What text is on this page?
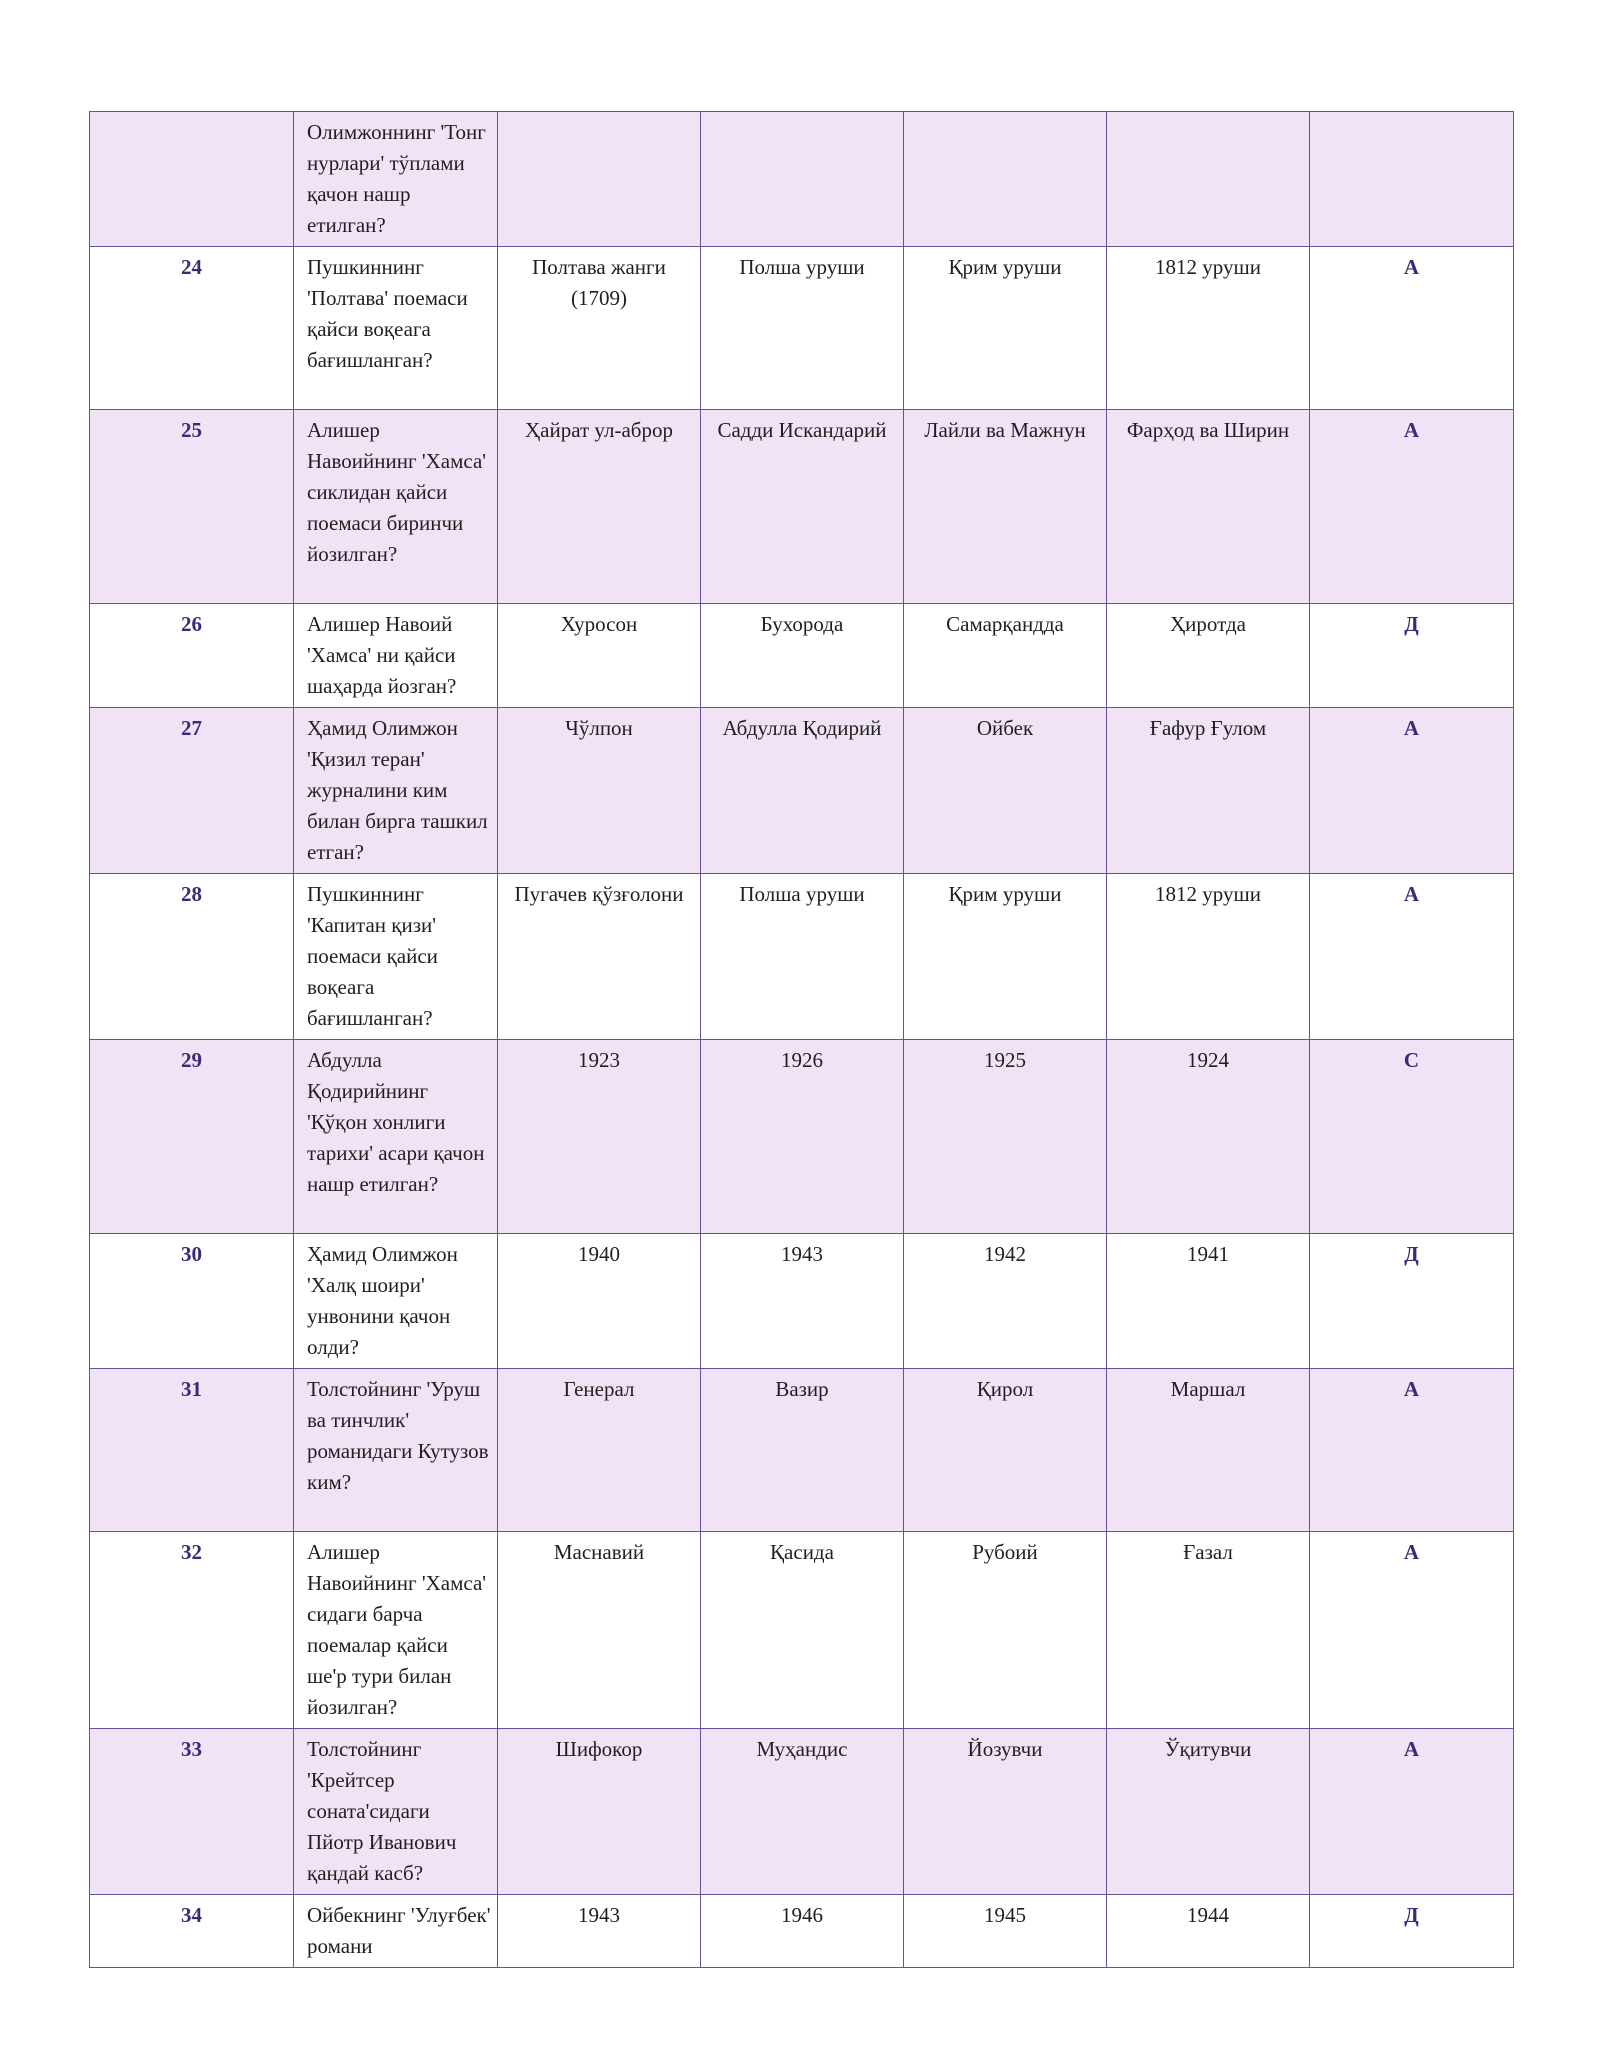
	Олимжоннинг 'Тонг нурлари' тўплами қачон нашр етилган?					
24	Пушкиннинг 'Полтава' поемаси қайси воқеага бағишланган?	Полтава жанги (1709)	Полша уруши	Қрим уруши	1812 уруши	А
25	Алишер Навоийнинг 'Хамса' сиклидан қайси поемаси биринчи йозилган?	Ҳайрат ул-аброр	Садди Искандарий	Лайли ва Мажнун	Фарҳод ва Ширин	А
26	Алишер Навоий 'Хамса' ни қайси шаҳарда йозган?	Хуросон	Бухорода	Самарқандда	Ҳиротда	Д
27	Ҳамид Олимжон 'Қизил теран' журналини ким билан бирга ташкил етган?	Чўлпон	Абдулла Қодирий	Ойбек	Ғафур Ғулом	А
28	Пушкиннинг 'Капитан қизи' поемаси қайси воқеага бағишланган?	Пугачев қўзғолони	Полша уруши	Қрим уруши	1812 уруши	А
29	Абдулла Қодирийнинг 'Қўқон хонлиги тарихи' асари қачон нашр етилган?	1923	1926	1925	1924	С
30	Ҳамид Олимжон 'Халқ шоири' унвонини қачон олди?	1940	1943	1942	1941	Д
31	Толстойнинг 'Уруш ва тинчлик' романидаги Кутузов ким?	Генерал	Вазир	Қирол	Маршал	А
32	Алишер Навоийнинг 'Хамса' сидаги барча поемалар қайси ше'р тури билан йозилган?	Маснавий	Қасида	Рубоий	Ғазал	А
33	Толстойнинг 'Крейтсер соната'сидаги Пйотр Иванович қандай касб?	Шифокор	Муҳандис	Йозувчи	Ўқитувчи	А
34	Ойбекнинг 'Улуғбек' романи	1943	1946	1945	1944	Д
